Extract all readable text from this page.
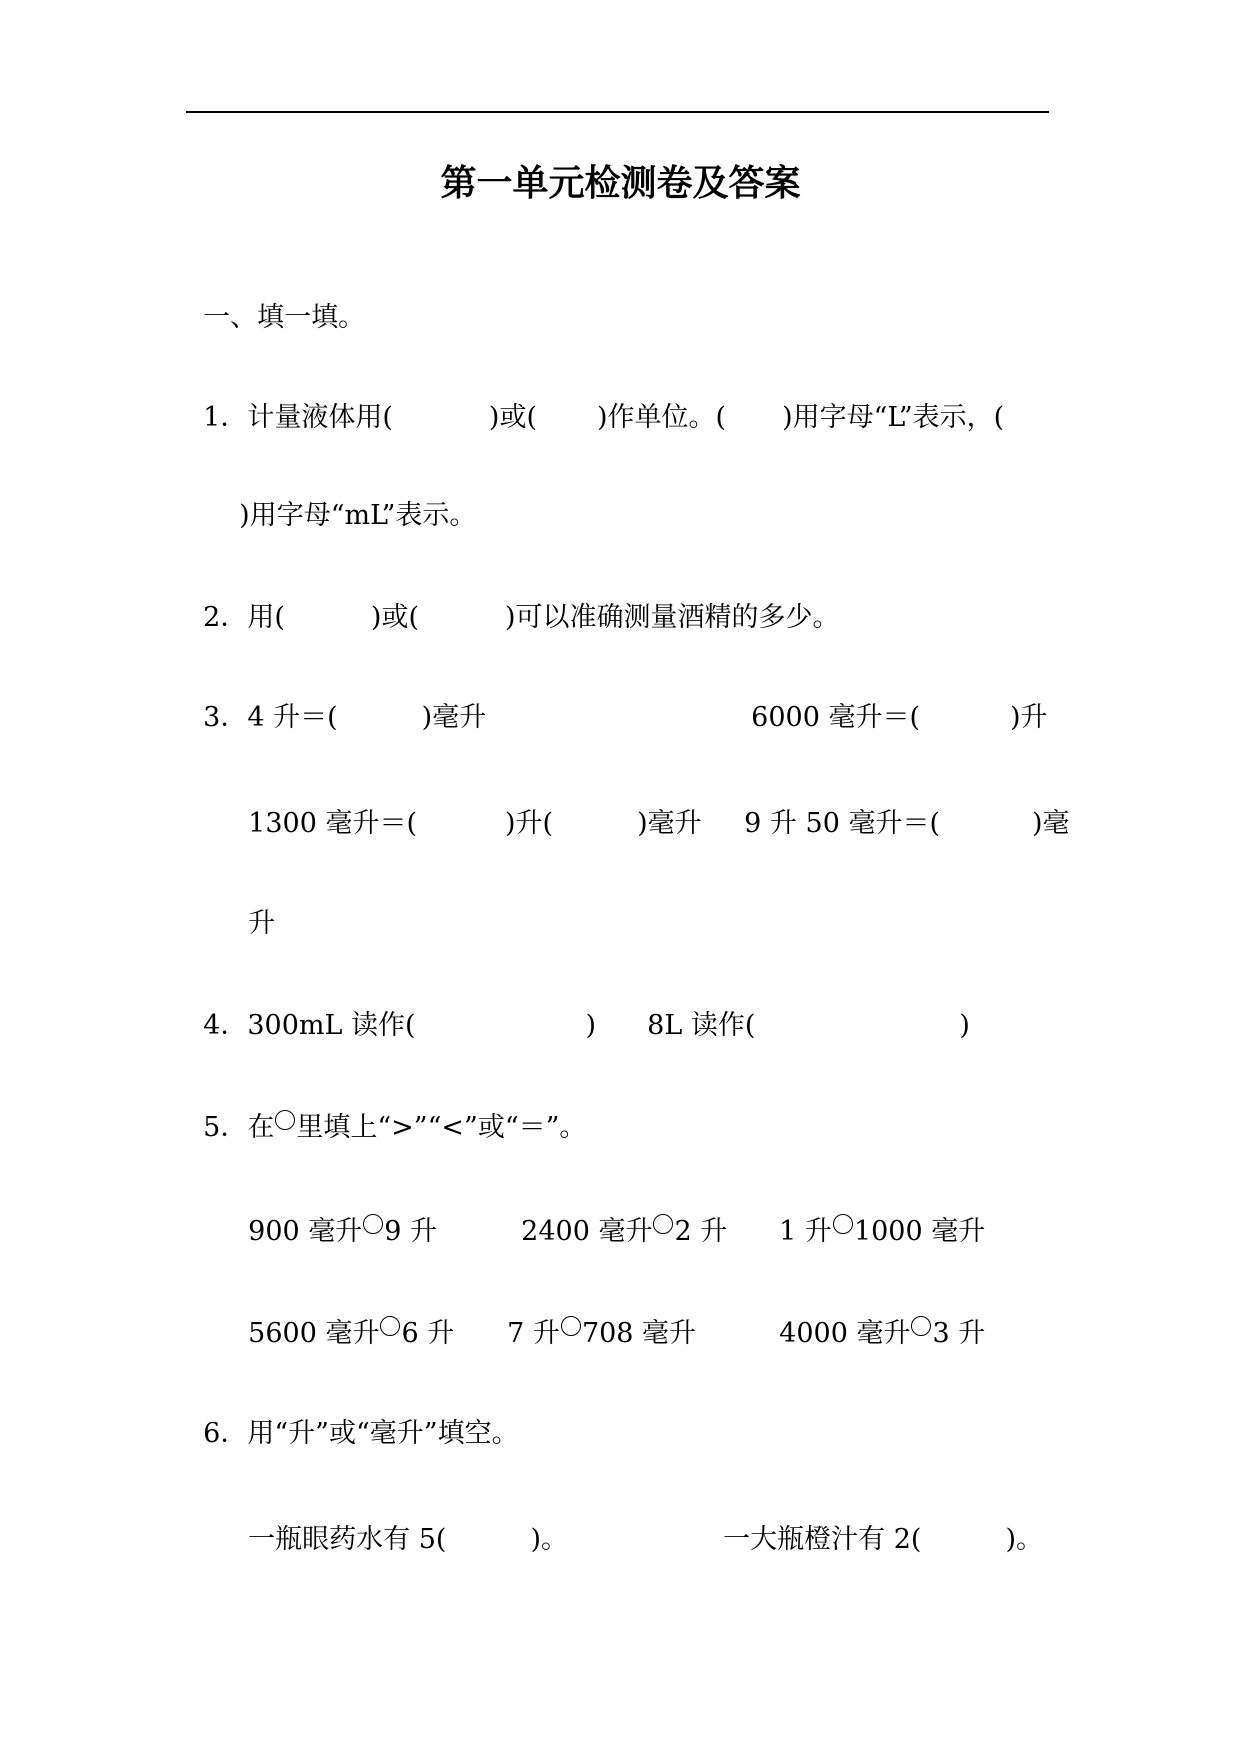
第一单元检测卷及答案

一、填一填。

1．计量液体用(	)或( )作单位。( )用字母“L”表示，(

)用字母“mL”表示。

2．用(	)或(	)可以准确测量酒精的多少。

3．4 升＝(	)毫升	6000 毫升＝(	)升

1300 毫升＝(	)升(	)毫升	9 升 50 毫升＝(	)毫

升

4．300mL 读作(	)	8L 读作(	)

5．在 里填上“>”“<”或“＝”。

900 毫升 9 升	2400 毫升 2 升	1 升 1000 毫升

5600 毫升 6 升	7 升 708 毫升	4000 毫升 3 升

6．用“升”或“毫升”填空。

一瓶眼药水有 5(	)。	一大瓶橙汁有 2(	)。
